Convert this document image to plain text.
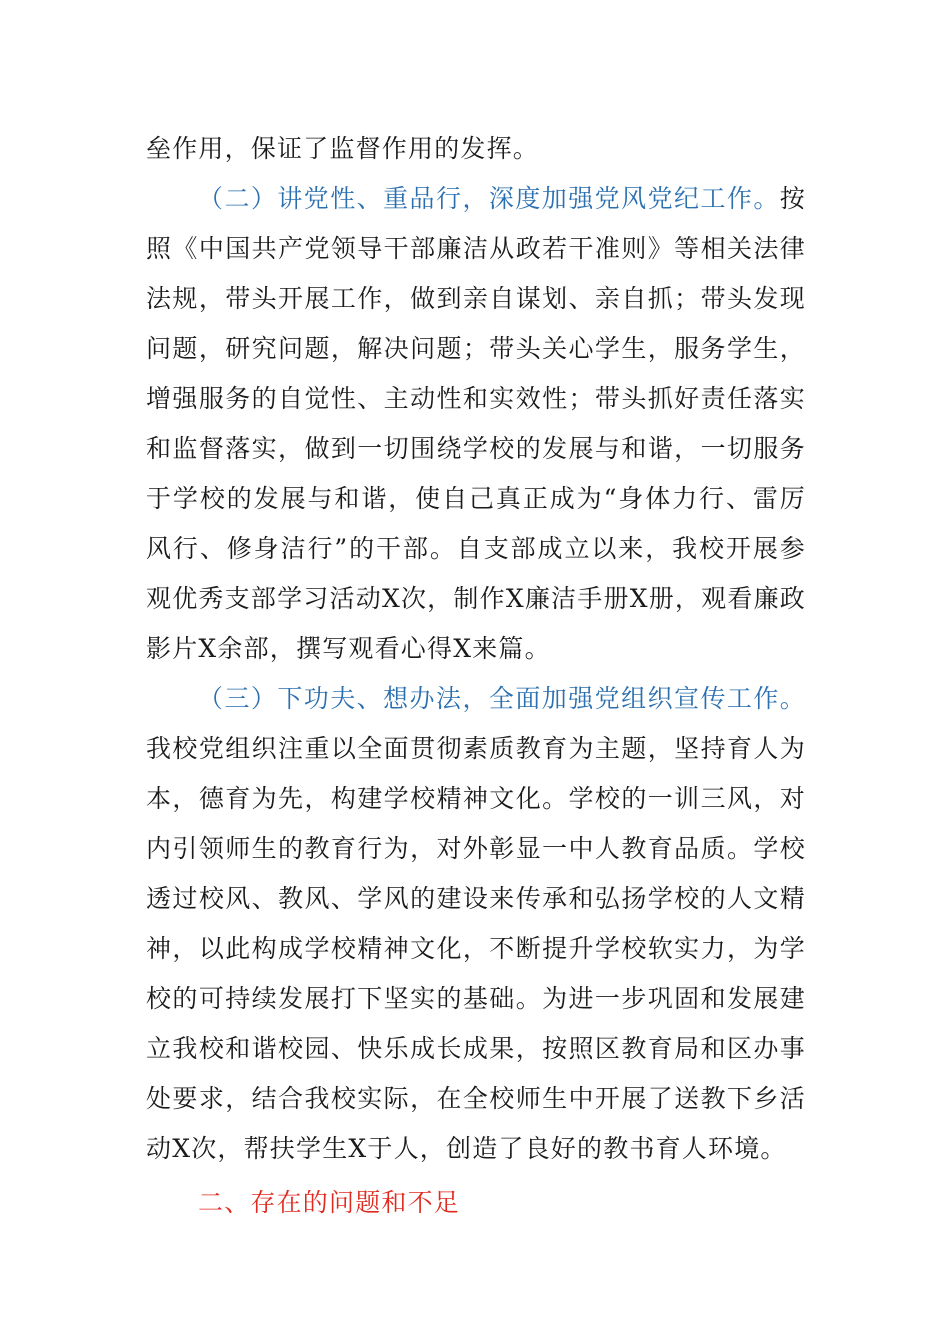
垒作用，保证了监督作用的发挥。

（二）讲党性、重品行，深度加强党风党纪工作。按照《中国共产党领导干部廉洁从政若干准则》等相关法律法规，带头开展工作，做到亲自谋划、亲自抓；带头发现问题，研究问题，解决问题；带头关心学生，服务学生，增强服务的自觉性、主动性和实效性；带头抓好责任落实和监督落实，做到一切围绕学校的发展与和谐，一切服务于学校的发展与和谐，使自己真正成为“身体力行、雷厉风行、修身洁行”的干部。自支部成立以来，我校开展参观优秀支部学习活动X次，制作X廉洁手册X册，观看廉政影片X余部，撰写观看心得X来篇。

（三）下功夫、想办法，全面加强党组织宣传工作。我校党组织注重以全面贯彻素质教育为主题，坚持育人为本，德育为先，构建学校精神文化。学校的一训三风，对内引领师生的教育行为，对外彰显一中人教育品质。学校透过校风、教风、学风的建设来传承和弘扬学校的人文精神，以此构成学校精神文化，不断提升学校软实力，为学校的可持续发展打下坚实的基础。为进一步巩固和发展建立我校和谐校园、快乐成长成果，按照区教育局和区办事处要求，结合我校实际，在全校师生中开展了送教下乡活动X次，帮扶学生X于人，创造了良好的教书育人环境。

二、存在的问题和不足
